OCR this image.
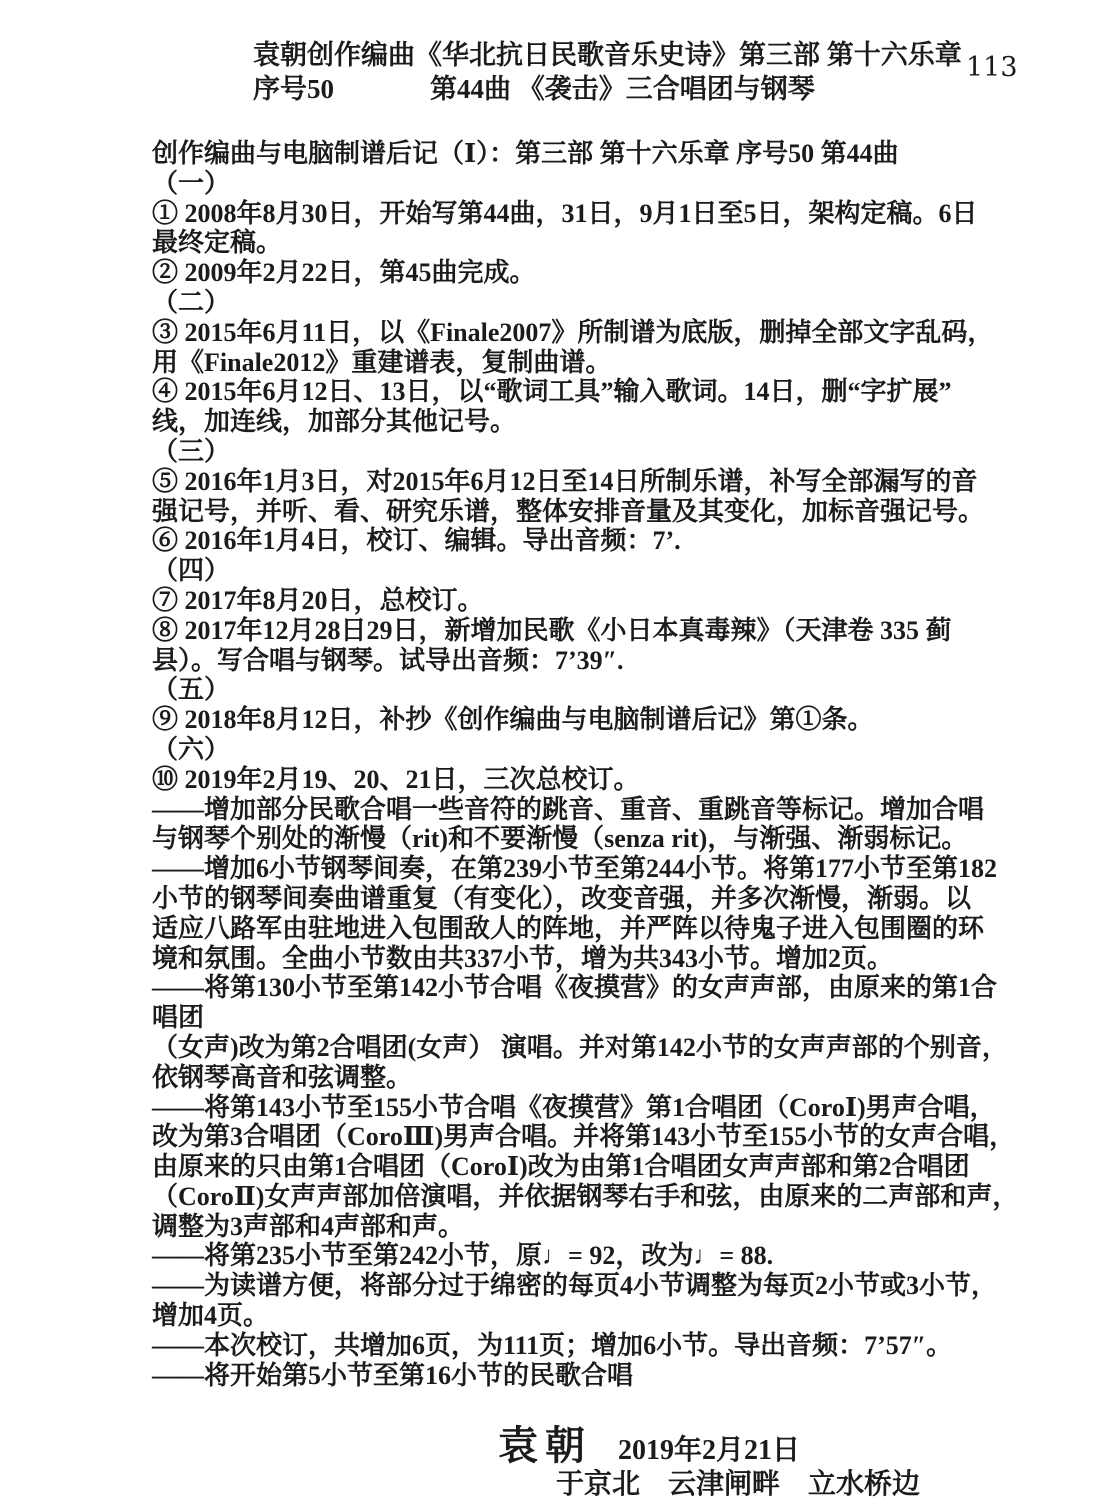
113
袁朝创作编曲《华北抗日民歌音乐史诗》第三部 第十六乐章
序号50	第44曲 《袭击》三合唱团与钢琴
创作编曲与电脑制谱后记（Ⅰ）：第三部 第十六乐章 序号50 第44曲
（一）
① 2008年8月30日，开始写第44曲，31日，9月1日至5日，架构定稿。6日
最终定稿。
② 2009年2月22日，第45曲完成。
（二）
③ 2015年6月11日，以《Finale2007》所制谱为底版，删掉全部文字乱码，
用《Finale2012》重建谱表，复制曲谱。
④ 2015年6月12日、13日，以“歌词工具”输入歌词。14日，删“字扩展”
线，加连线，加部分其他记号。
（三）
⑤ 2016年1月3日，对2015年6月12日至14日所制乐谱，补写全部漏写的音
强记号，并听、看、研究乐谱，整体安排音量及其变化，加标音强记号。
⑥ 2016年1月4日，校订、编辑。导出音频：7’.
（四）
⑦ 2017年8月20日，总校订。
⑧ 2017年12月28日29日，新增加民歌《小日本真毒辣》（天津卷 335 蓟
县）。写合唱与钢琴。试导出音频：7’39″.
（五）
⑨ 2018年8月12日，补抄《创作编曲与电脑制谱后记》第①条。
（六）
⑩ 2019年2月19、20、21日，三次总校订。
——增加部分民歌合唱一些音符的跳音、重音、重跳音等标记。增加合唱
与钢琴个别处的渐慢（rit)和不要渐慢（senza rit)，与渐强、渐弱标记。
——增加6小节钢琴间奏，在第239小节至第244小节。将第177小节至第182
小节的钢琴间奏曲谱重复（有变化），改变音强，并多次渐慢，渐弱。以
适应八路军由驻地进入包围敌人的阵地，并严阵以待鬼子进入包围圈的环
境和氛围。全曲小节数由共337小节，增为共343小节。增加2页。
——将第130小节至第142小节合唱《夜摸营》的女声声部，由原来的第1合
唱团
（女声)改为第2合唱团(女声） 演唱。并对第142小节的女声声部的个别音，
依钢琴高音和弦调整。
——将第143小节至155小节合唱《夜摸营》第1合唱团（CoroⅠ)男声合唱，
改为第3合唱团（CoroⅢ)男声合唱。并将第143小节至155小节的女声合唱，
由原来的只由第1合唱团（CoroⅠ)改为由第1合唱团女声声部和第2合唱团
（CoroⅡ)女声声部加倍演唱，并依据钢琴右手和弦，由原来的二声部和声，
调整为3声部和4声部和声。
——将第235小节至第242小节，原♩= 92，改为♩= 88.
——为读谱方便，将部分过于绵密的每页4小节调整为每页2小节或3小节，
增加4页。
——本次校订，共增加6页，为111页；增加6小节。导出音频：7’57″。
——将开始第5小节至第16小节的民歌合唱
袁朝 2019年2月21日
于京北　云津闸畔　立水桥边
